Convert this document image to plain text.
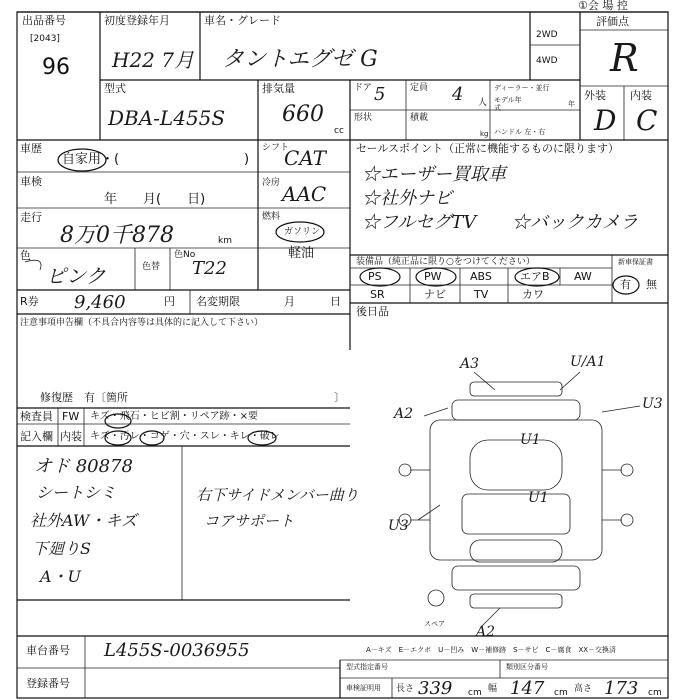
出品番号
[2043]
96
初度登録年月
H22 7月
車名・グレード
タントエグゼ G
2WD
4WD
①会 場 控
評価点
R
外装 内装
D C
型式
DBA-L455S
排気量
660
cc
ドア 5	定員 4 人
ディーラー・並行
モデル年式	年
形状	積載
kg ハンドル 左・右
車歴
自家用・(	)
車検
年　　月(　　日)
走行
8万0千878	km
色
ピンク	色替
色No
T22
シフト
CAT
冷房 AAC
燃料
ガソリン
軽油
セールスポイント（正常に機能するものに限ります）
☆エーザー買取車
☆社外ナビ
☆フルセグTV ☆バックカメラ
装備品（純正品に限り○をつけてください）	新車保証書
PS	PW	ABS	エアB AW
SR	ナビ	TV	カワ
有 無
R券 9,460	円 名変期限	月	日
注意事項申告欄（不具合内容等は具体的に記入して下さい）
修復歴　有〔箇所	〕
後日品
検査員
記入欄
FW
内装
キズ・飛石・ヒビ割・リペア跡・×要
キズ・汚レ・コゲ・穴・スレ・キレ・破レ
オド 80878
シートシミ
社外AW・キズ
下廻りS
A・U
右下サイドメンバー曲り
コアサポート
A3	U/A1
U1
U3
A2
U1
U3
A2
スペア
A－キズ　E－エクボ　U－凹み　W－補修跡　S－サビ　C－腐食　XX－交換済
車台番号 L455S-0036955
登録番号
型式指定番号	類別区分番号
車検証明用 長さ 339 cm 幅 147 cm 高さ 173 cm
